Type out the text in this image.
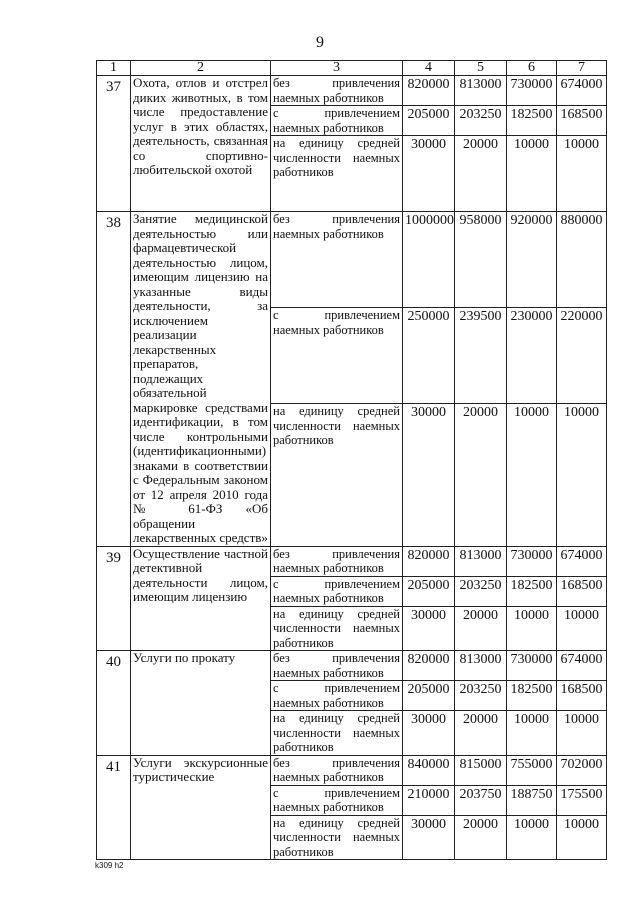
9
1	2	3	4	5	6	7
37	Охота, отлов и отстрел диких животных, в том числе предоставление услуг в этих областях, деятельность, связанная со спортивно-любительской охотой	без привлечения наемных работников	820000	813000	730000	674000
		с привлечением наемных работников	205000	203250	182500	168500
		на единицу средней численности наемных работников	30000	20000	10000	10000
38	Занятие медицинской деятельностью или фармацевтической деятельностью лицом, имеющим лицензию на указанные виды деятельности, за исключением реализации лекарственных препаратов, подлежащих обязательной маркировке средствами идентификации, в том числе контрольными (идентификационными) знаками в соответствии с Федеральным законом от 12 апреля 2010 года № 61-ФЗ «Об обращении лекарственных средств»	без привлечения наемных работников	1000000	958000	920000	880000
		с привлечением наемных работников	250000	239500	230000	220000
		на единицу средней численности наемных работников	30000	20000	10000	10000
39	Осуществление частной детективной деятельности лицом, имеющим лицензию	без привлечения наемных работников	820000	813000	730000	674000
		с привлечением наемных работников	205000	203250	182500	168500
		на единицу средней численности наемных работников	30000	20000	10000	10000
40	Услуги по прокату	без привлечения наемных работников	820000	813000	730000	674000
		с привлечением наемных работников	205000	203250	182500	168500
		на единицу средней численности наемных работников	30000	20000	10000	10000
41	Услуги экскурсионные туристические	без привлечения наемных работников	840000	815000	755000	702000
		с привлечением наемных работников	210000	203750	188750	175500
		на единицу средней численности наемных работников	30000	20000	10000	10000
k309 h2
